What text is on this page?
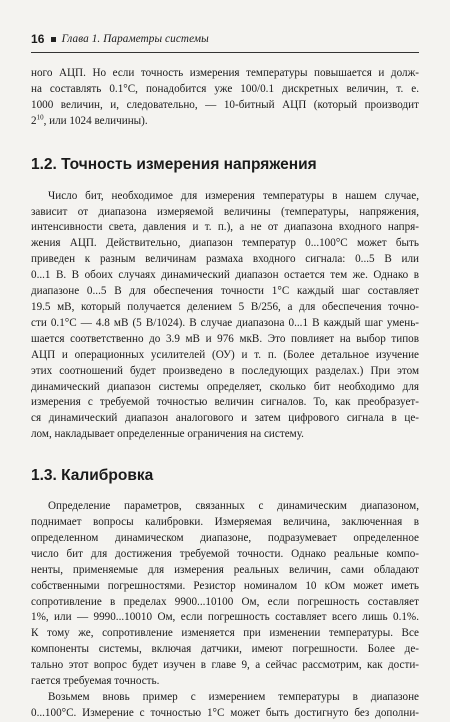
16 Глава 1. Параметры системы

ного АЦП. Но если точность измерения температуры повышается и долж-
на составлять 0.1°С, понадобится уже 100/0.1 дискретных величин, т. е.
1000 величин, и, следовательно, — 10-битный АЦП (который производит

$2^{10}$, или 1024 величины).

1.2. Точность измерения напряжения

Число бит, необходимое для измерения температуры в нашем случае,

зависит от диапазона измеряемой величины (температуры, напряжения,

интенсивности света, давления и т. п.), а не от диапазона входного напря-

жения АЦП. Действительно, диапазон температур 0...100°С может быть

приведен к разным величинам размаха входного сигнала: 0...5 В или

0...1 В. В обоих случаях динамический диапазон остается тем же. Однако в

диапазоне 0...5 В для обеспечения точности 1°С каждый шаг составляет

19.5 мВ, который получается делением 5 В/256, а для обеспечения точно-

сти 0.1°С — 4.8 мВ (5 В/1024). В случае диапазона 0...1 В каждый шаг умень-

шается соответственно до 3.9 мВ и 976 мкВ. Это повлияет на выбор типов

АЦП и операционных усилителей (ОУ) и т. п. (Более детальное изучение

этих соотношений будет произведено в последующих разделах.) При этом

динамический диапазон системы определяет, сколько бит необходимо для

измерения с требуемой точностью величин сигналов. То, как преобразует-

ся динамический диапазон аналогового и затем цифрового сигнала в це-

лом, накладывает определенные ограничения на систему.

1.3. Калибровка

Определение параметров, связанных с динамическим диапазоном,

поднимает вопросы калибровки. Измеряемая величина, заключенная в

определенном динамическом диапазоне, подразумевает определенное

число бит для достижения требуемой точности. Однако реальные компо-

ненты, применяемые для измерения реальных величин, сами обладают

собственными погрешностями. Резистор номиналом 10 кОм может иметь

сопротивление в пределах 9900...10100 Ом, если погрешность составляет

1%, или — 9990...10010 Ом, если погрешность составляет всего лишь 0.1%.

К тому же, сопротивление изменяется при изменении температуры. Все

компоненты системы, включая датчики, имеют погрешности. Более де-

тально этот вопрос будет изучен в главе 9, а сейчас рассмотрим, как дости-

гается требуемая точность.

Возьмем вновь пример с измерением температуры в диапазоне

0...100°С. Измерение с точностью 1°С может быть достигнуто без дополни-
